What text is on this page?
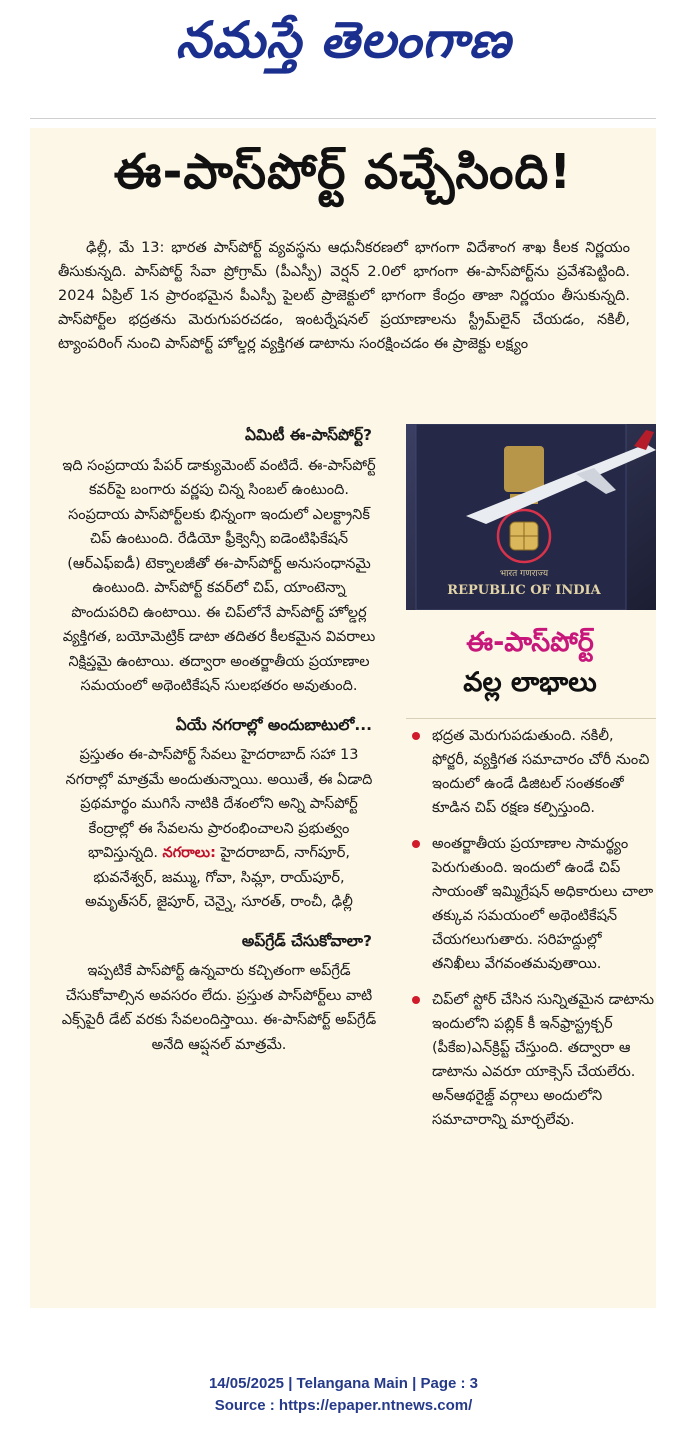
నమస్తే తెలంగాణ
ఈ-పాస్‌పోర్ట్ వచ్చేసింది!

ఢిల్లీ, మే 13: భారత పాస్‌పోర్ట్ వ్యవస్థను ఆధునీకరణలో భాగంగా విదేశాంగ శాఖ కీలక నిర్ణయం తీసుకున్నది. పాస్‌పోర్ట్ సేవా ప్రోగ్రామ్ (పీఎస్పీ) వెర్షన్ 2.0లో భాగంగా ఈ-పాస్‌పోర్ట్‌ను ప్రవేశపెట్టింది. 2024 ఏప్రిల్ 1న ప్రారంభమైన పీఎస్పీ పైలట్ ప్రాజెక్టులో భాగంగా కేంద్రం తాజా నిర్ణయం తీసుకున్నది. పాస్‌పోర్ట్‌ల భద్రతను మెరుగుపరచడం, ఇంటర్నేషనల్ ప్రయాణాలను స్ట్రీమ్‌లైన్ చేయడం, నకిలీ, ట్యాంపరింగ్ నుంచి పాస్‌పోర్ట్ హోల్డర్ల వ్యక్తిగత డాటాను సంరక్షించడం ఈ ప్రాజెక్టు లక్ష్యం

ఏమిటీ ఈ-పాస్‌పోర్ట్?

ఇది సంప్రదాయ పేపర్ డాక్యుమెంట్ వంటిదే. ఈ-పాస్‌పోర్ట్ కవర్‌పై బంగారు వర్ణపు చిన్న సింబల్ ఉంటుంది. సంప్రదాయ పాస్‌పోర్ట్‌లకు భిన్నంగా ఇందులో ఎలక్ట్రానిక్ చిప్ ఉంటుంది. రేడియో ఫ్రీక్వెన్సీ ఐడెంటిఫికేషన్ (ఆర్‌ఎఫ్‌ఐడీ) టెక్నాలజీతో ఈ-పాస్‌పోర్ట్ అనుసంధానమై ఉంటుంది. పాస్‌పోర్ట్ కవర్‌లో చిప్, యాంటెన్నా పొందుపరిచి ఉంటాయి. ఈ చిప్‌లోనే పాస్‌పోర్ట్ హోల్డర్ల వ్యక్తిగత, బయోమెట్రిక్ డాటా తదితర కీలకమైన వివరాలు నిక్షిప్తమై ఉంటాయి. తద్వారా అంతర్జాతీయ ప్రయాణాల సమయంలో అథెంటికేషన్ సులభతరం అవుతుంది.

ఏయే నగరాల్లో అందుబాటులో...

ప్రస్తుతం ఈ-పాస్‌పోర్ట్ సేవలు హైదరాబాద్ సహా 13 నగరాల్లో మాత్రమే అందుతున్నాయి. అయితే, ఈ ఏడాది ప్రథమార్థం ముగిసే నాటికి దేశంలోని అన్ని పాస్‌పోర్ట్ కేంద్రాల్లో ఈ సేవలను ప్రారంభించాలని ప్రభుత్వం భావిస్తున్నది. నగరాలు: హైదరాబాద్, నాగ్‌పూర్, భువనేశ్వర్, జమ్ము, గోవా, సిమ్లా, రాయ్‌పూర్, అమృత్‌సర్, జైపూర్, చెన్నై, సూరత్, రాంచీ, ఢిల్లీ

అప్‌గ్రేడ్ చేసుకోవాలా?

ఇప్పటికే పాస్‌పోర్ట్ ఉన్నవారు కచ్చితంగా అప్‌గ్రేడ్ చేసుకోవాల్సిన అవసరం లేదు. ప్రస్తుత పాస్‌పోర్ట్‌లు వాటి ఎక్స్‌పైరీ డేట్ వరకు సేవలందిస్తాయి. ఈ-పాస్‌పోర్ట్ అప్‌గ్రేడ్ అనేది ఆప్షనల్ మాత్రమే.

भारत गणराज्य
REPUBLIC OF INDIA
ఈ-పాస్‌పోర్ట్
వల్ల లాభాలు
భద్రత మెరుగుపడుతుంది. నకిలీ, ఫోర్జరీ, వ్యక్తిగత సమాచారం చోరీ నుంచి ఇందులో ఉండే డిజిటల్ సంతకంతో కూడిన చిప్ రక్షణ కల్పిస్తుంది.
అంతర్జాతీయ ప్రయాణాల సామర్థ్యం పెరుగుతుంది. ఇందులో ఉండే చిప్ సాయంతో ఇమ్మిగ్రేషన్ అధికారులు చాలా తక్కువ సమయంలో అథెంటికేషన్ చేయగలుగుతారు. సరిహద్దుల్లో తనిఖీలు వేగవంతమవుతాయి.
చిప్‌లో స్టోర్ చేసిన సున్నితమైన డాటాను ఇందులోని పబ్లిక్ కీ ఇన్‌ఫ్రాస్ట్రక్చర్ (పీకేఐ)ఎన్‌క్రిప్ట్ చేస్తుంది. తద్వారా ఆ డాటాను ఎవరూ యాక్సెస్ చేయలేరు. అన్‌ఆథరైజ్డ్ వర్గాలు అందులోని సమాచారాన్ని మార్చలేవు.
14/05/2025 | Telangana Main | Page : 3
Source : https://epaper.ntnews.com/
